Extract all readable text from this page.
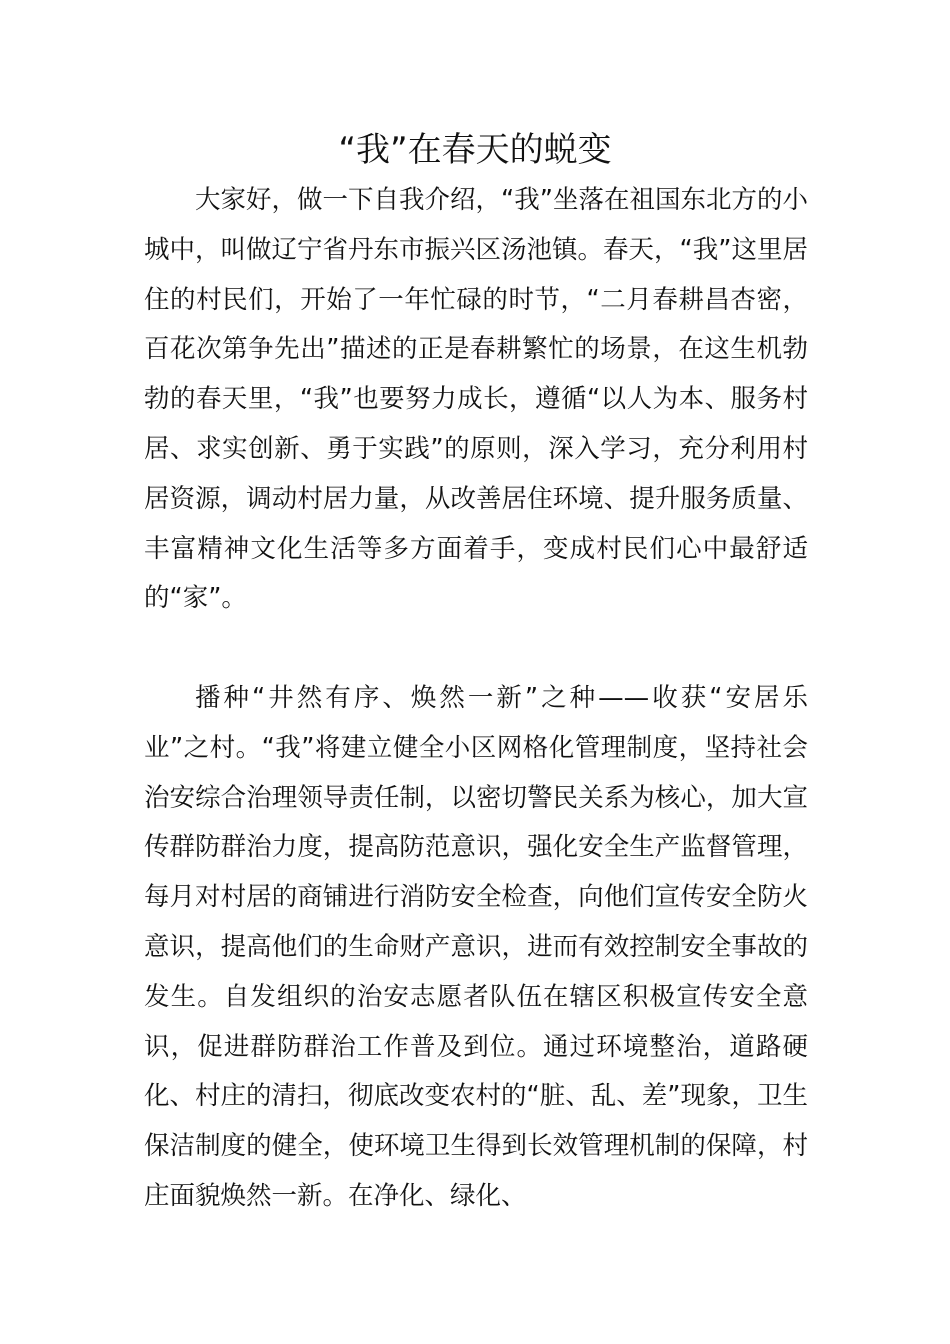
“我”在春天的蜕变

大家好，做一下自我介绍，“我”坐落在祖国东北方的小城中，叫做辽宁省丹东市振兴区汤池镇。春天，“我”这里居住的村民们，开始了一年忙碌的时节，“二月春耕昌杏密，百花次第争先出”描述的正是春耕繁忙的场景，在这生机勃勃的春天里，“我”也要努力成长，遵循“以人为本、服务村居、求实创新、勇于实践”的原则，深入学习，充分利用村居资源，调动村居力量，从改善居住环境、提升服务质量、丰富精神文化生活等多方面着手，变成村民们心中最舒适的“家”。

播种“井然有序、焕然一新”之种——收获“安居乐业”之村。“我”将建立健全小区网格化管理制度，坚持社会治安综合治理领导责任制，以密切警民关系为核心，加大宣传群防群治力度，提高防范意识，强化安全生产监督管理，每月对村居的商铺进行消防安全检查，向他们宣传安全防火意识，提高他们的生命财产意识，进而有效控制安全事故的发生。自发组织的治安志愿者队伍在辖区积极宣传安全意识，促进群防群治工作普及到位。通过环境整治，道路硬化、村庄的清扫，彻底改变农村的“脏、乱、差”现象，卫生保洁制度的健全，使环境卫生得到长效管理机制的保障，村庄面貌焕然一新。在净化、绿化、
